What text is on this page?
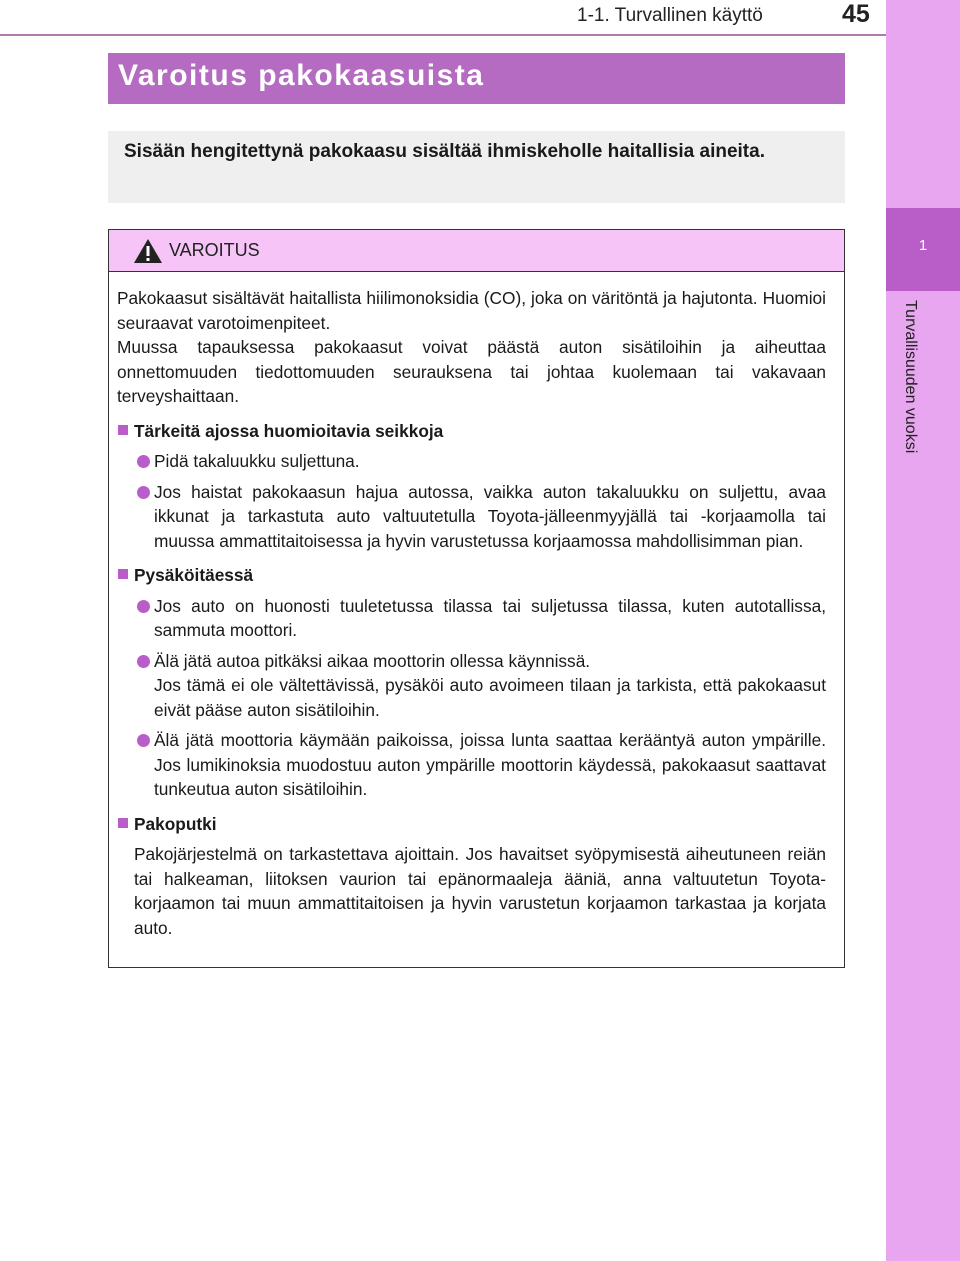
1-1. Turvallinen käyttö	45
1
Turvallisuuden vuoksi
Varoitus pakokaasuista
Sisään hengitettynä pakokaasu sisältää ihmiskeholle haitallisia aineita.
VAROITUS

Pakokaasut sisältävät haitallista hiilimonoksidia (CO), joka on väritöntä ja hajutonta. Huomioi seuraavat varotoimenpiteet.

Muussa tapauksessa pakokaasut voivat päästä auton sisätiloihin ja aiheuttaa onnettomuuden tiedottomuuden seurauksena tai johtaa kuolemaan tai vakavaan terveyshaittaan.

Tärkeitä ajossa huomioitavia seikkoja
Pidä takaluukku suljettuna.
Jos haistat pakokaasun hajua autossa, vaikka auton takaluukku on suljettu, avaa ikkunat ja tarkastuta auto valtuutetulla Toyota-jälleenmyyjällä tai -korjaamolla tai muussa ammattitaitoisessa ja hyvin varustetussa korjaamossa mahdollisimman pian.
Pysäköitäessä
Jos auto on huonosti tuuletetussa tilassa tai suljetussa tilassa, kuten autotallissa, sammuta moottori.
Älä jätä autoa pitkäksi aikaa moottorin ollessa käynnissä.
Jos tämä ei ole vältettävissä, pysäköi auto avoimeen tilaan ja tarkista, että pakokaasut eivät pääse auton sisätiloihin.
Älä jätä moottoria käymään paikoissa, joissa lunta saattaa kerääntyä auton ympärille. Jos lumikinoksia muodostuu auton ympärille moottorin käydessä, pakokaasut saattavat tunkeutua auton sisätiloihin.
Pakoputki
Pakojärjestelmä on tarkastettava ajoittain. Jos havaitset syöpymisestä aiheutuneen reiän tai halkeaman, liitoksen vaurion tai epänormaaleja ääniä, anna valtuutetun Toyota-korjaamon tai muun ammattitaitoisen ja hyvin varustetun korjaamon tarkastaa ja korjata auto.
